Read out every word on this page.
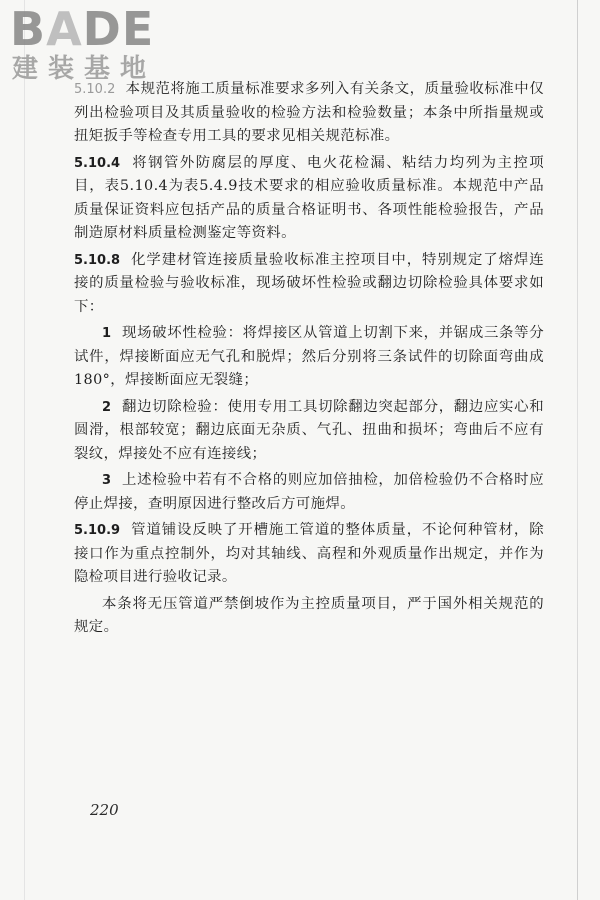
BADE
建装基地

5.10.2 本规范将施工质量标准要求多列入有关条文，质量验收标准中仅列出检验项目及其质量验收的检验方法和检验数量；本条中所指量规或扭矩扳手等检查专用工具的要求见相关规范标准。

5.10.4 将钢管外防腐层的厚度、电火花检漏、粘结力均列为主控项目，表5.10.4为表5.4.9技术要求的相应验收质量标准。本规范中产品质量保证资料应包括产品的质量合格证明书、各项性能检验报告，产品制造原材料质量检测鉴定等资料。

5.10.8 化学建材管连接质量验收标准主控项目中，特别规定了熔焊连接的质量检验与验收标准，现场破坏性检验或翻边切除检验具体要求如下：

1 现场破坏性检验：将焊接区从管道上切割下来，并锯成三条等分试件，焊接断面应无气孔和脱焊；然后分别将三条试件的切除面弯曲成180°，焊接断面应无裂缝；

2 翻边切除检验：使用专用工具切除翻边突起部分，翻边应实心和圆滑，根部较宽；翻边底面无杂质、气孔、扭曲和损坏；弯曲后不应有裂纹，焊接处不应有连接线；

3 上述检验中若有不合格的则应加倍抽检，加倍检验仍不合格时应停止焊接，查明原因进行整改后方可施焊。

5.10.9 管道铺设反映了开槽施工管道的整体质量，不论何种管材，除接口作为重点控制外，均对其轴线、高程和外观质量作出规定，并作为隐检项目进行验收记录。

本条将无压管道严禁倒坡作为主控质量项目，严于国外相关规范的规定。

220
